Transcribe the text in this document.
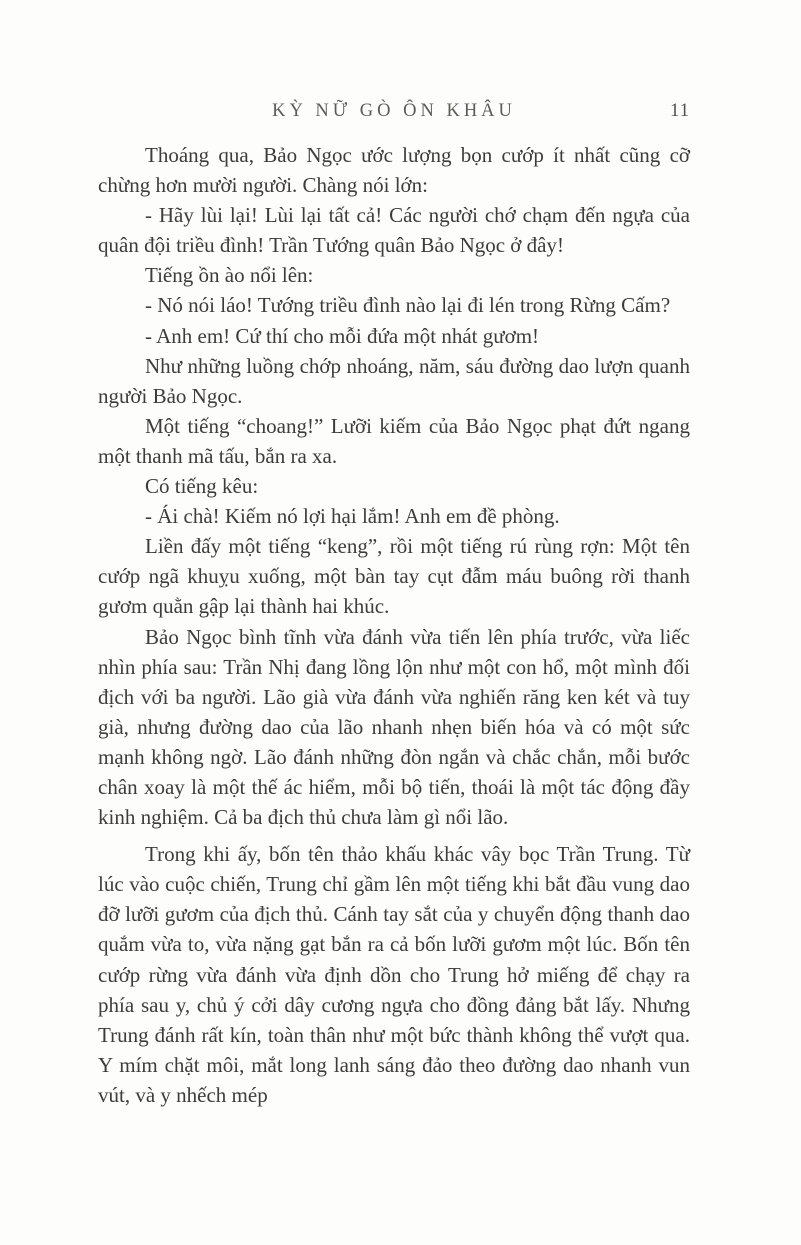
KỲ NỮ GÒ ÔN KHÂU	11

Thoáng qua, Bảo Ngọc ước lượng bọn cướp ít nhất cũng cỡ chừng hơn mười người. Chàng nói lớn:

- Hãy lùi lại! Lùi lại tất cả! Các người chớ chạm đến ngựa của quân đội triều đình! Trần Tướng quân Bảo Ngọc ở đây!

Tiếng ồn ào nổi lên:

- Nó nói láo! Tướng triều đình nào lại đi lén trong Rừng Cấm?

- Anh em! Cứ thí cho mỗi đứa một nhát gươm!

Như những luồng chớp nhoáng, năm, sáu đường dao lượn quanh người Bảo Ngọc.

Một tiếng “choang!” Lưỡi kiếm của Bảo Ngọc phạt đứt ngang một thanh mã tấu, bắn ra xa.

Có tiếng kêu:

- Ái chà! Kiếm nó lợi hại lắm! Anh em đề phòng.

Liền đấy một tiếng “keng”, rồi một tiếng rú rùng rợn: Một tên cướp ngã khuỵu xuống, một bàn tay cụt đẫm máu buông rời thanh gươm quằn gập lại thành hai khúc.

Bảo Ngọc bình tĩnh vừa đánh vừa tiến lên phía trước, vừa liếc nhìn phía sau: Trần Nhị đang lồng lộn như một con hổ, một mình đối địch với ba người. Lão già vừa đánh vừa nghiến răng ken két và tuy già, nhưng đường dao của lão nhanh nhẹn biến hóa và có một sức mạnh không ngờ. Lão đánh những đòn ngắn và chắc chắn, mỗi bước chân xoay là một thế ác hiểm, mỗi bộ tiến, thoái là một tác động đầy kinh nghiệm. Cả ba địch thủ chưa làm gì nổi lão.

Trong khi ấy, bốn tên thảo khấu khác vây bọc Trần Trung. Từ lúc vào cuộc chiến, Trung chỉ gầm lên một tiếng khi bắt đầu vung dao đỡ lưỡi gươm của địch thủ. Cánh tay sắt của y chuyển động thanh dao quắm vừa to, vừa nặng gạt bắn ra cả bốn lưỡi gươm một lúc. Bốn tên cướp rừng vừa đánh vừa định dồn cho Trung hở miếng để chạy ra phía sau y, chủ ý cởi dây cương ngựa cho đồng đảng bắt lấy. Nhưng Trung đánh rất kín, toàn thân như một bức thành không thể vượt qua. Y mím chặt môi, mắt long lanh sáng đảo theo đường dao nhanh vun vút, và y nhếch mép
